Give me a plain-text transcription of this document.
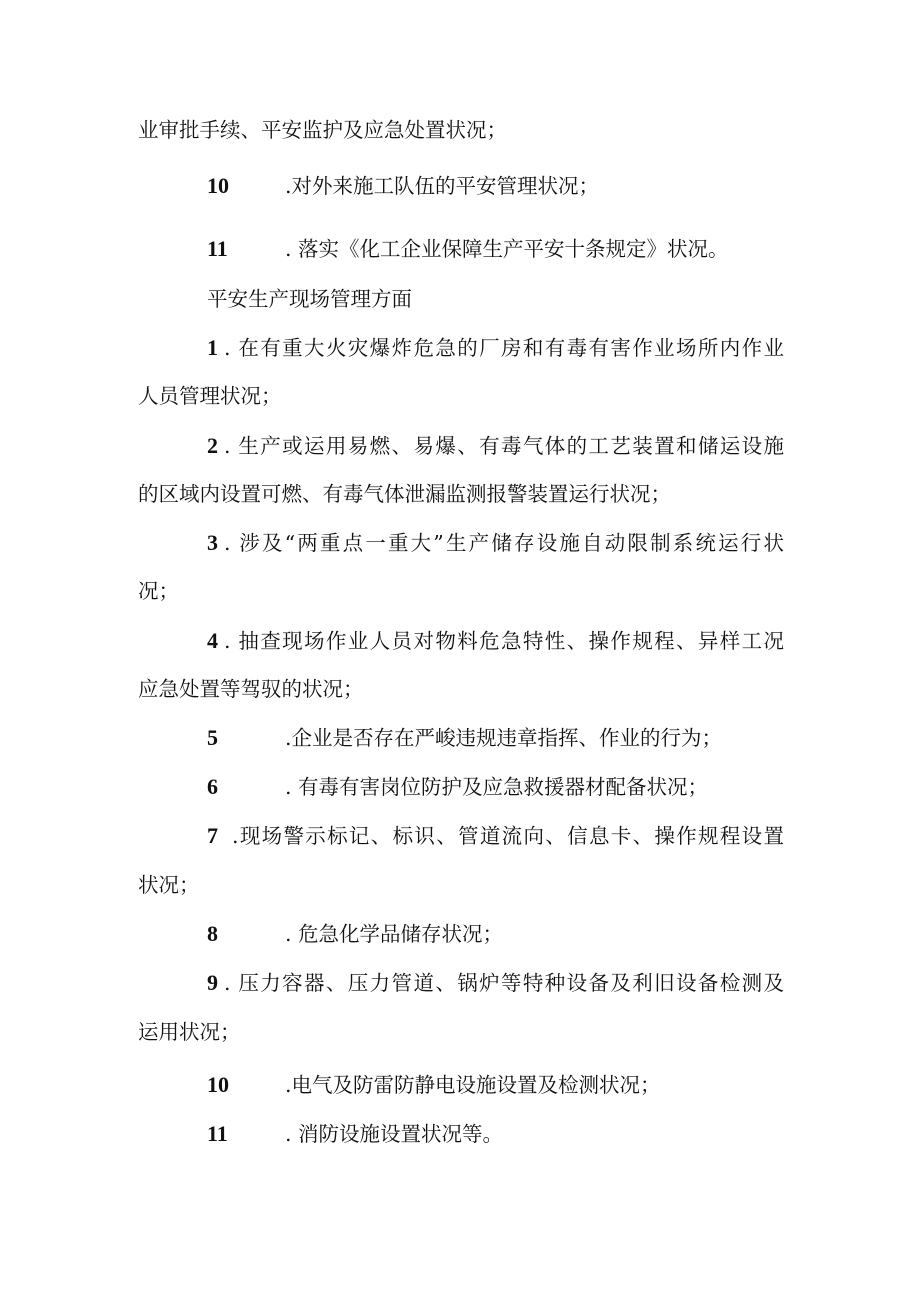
业审批手续、平安监护及应急处置状况；
10	.对外来施工队伍的平安管理状况；
11	. 落实《化工企业保障生产平安十条规定》状况。
平安生产现场管理方面
1 . 在有重大火灾爆炸危急的厂房和有毒有害作业场所内作业
人员管理状况；
2 . 生产或运用易燃、易爆、有毒气体的工艺装置和储运设施
的区域内设置可燃、有毒气体泄漏监测报警装置运行状况；
3 . 涉及“两重点一重大”生产储存设施自动限制系统运行状
况；
4 . 抽查现场作业人员对物料危急特性、操作规程、异样工况
应急处置等驾驭的状况；
5	.企业是否存在严峻违规违章指挥、作业的行为；
6	. 有毒有害岗位防护及应急救援器材配备状况；
7 .现场警示标记、标识、管道流向、信息卡、操作规程设置
状况；
8	. 危急化学品储存状况；
9 . 压力容器、压力管道、锅炉等特种设备及利旧设备检测及
运用状况；
10	.电气及防雷防静电设施设置及检测状况；
11	. 消防设施设置状况等。
